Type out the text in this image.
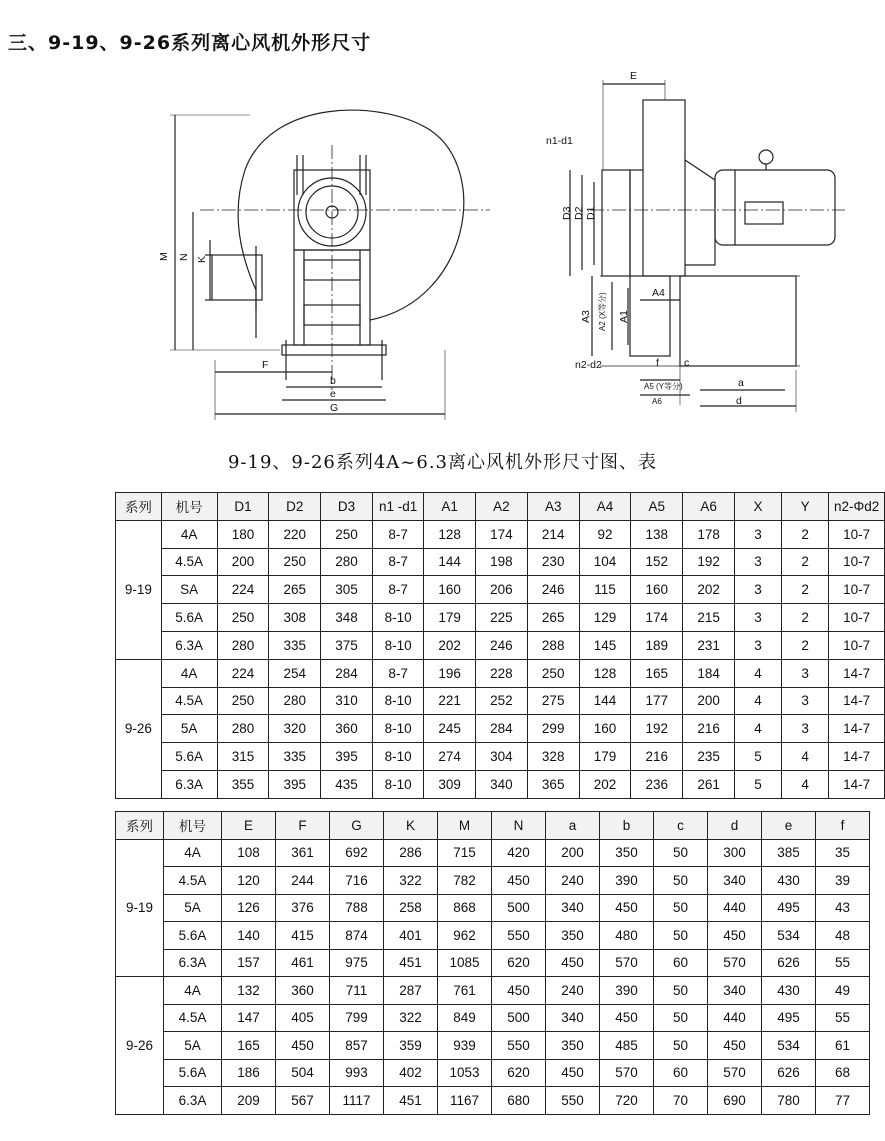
三、9-19、9-26系列离心风机外形尺寸
M N K
F
b
e
G
E
n1-d1
D3 D2 D1
A4
A3 A1
A2 (X等分)
n2-d2	f c
A5 (Y等分)
A6
a
d
9-19、9-26系列4A~6.3离心风机外形尺寸图、表
系列	机号	D1	D2	D3	n1 -d1	A1	A2	A3	A4	A5	A6	X	Y	n2-Φd2
9-19	4A	180	220	250	8-7	128	174	214	92	138	178	3	2	10-7
	4.5A	200	250	280	8-7	144	198	230	104	152	192	3	2	10-7
	SA	224	265	305	8-7	160	206	246	115	160	202	3	2	10-7
	5.6A	250	308	348	8-10	179	225	265	129	174	215	3	2	10-7
	6.3A	280	335	375	8-10	202	246	288	145	189	231	3	2	10-7
9-26	4A	224	254	284	8-7	196	228	250	128	165	184	4	3	14-7
	4.5A	250	280	310	8-10	221	252	275	144	177	200	4	3	14-7
	5A	280	320	360	8-10	245	284	299	160	192	216	4	3	14-7
	5.6A	315	335	395	8-10	274	304	328	179	216	235	5	4	14-7
	6.3A	355	395	435	8-10	309	340	365	202	236	261	5	4	14-7
系列	机号	E	F	G	K	M	N	a	b	c	d	e	f
9-19	4A	108	361	692	286	715	420	200	350	50	300	385	35
	4.5A	120	244	716	322	782	450	240	390	50	340	430	39
	5A	126	376	788	258	868	500	340	450	50	440	495	43
	5.6A	140	415	874	401	962	550	350	480	50	450	534	48
	6.3A	157	461	975	451	1085	620	450	570	60	570	626	55
9-26	4A	132	360	711	287	761	450	240	390	50	340	430	49
	4.5A	147	405	799	322	849	500	340	450	50	440	495	55
	5A	165	450	857	359	939	550	350	485	50	450	534	61
	5.6A	186	504	993	402	1053	620	450	570	60	570	626	68
	6.3A	209	567	1117	451	1167	680	550	720	70	690	780	77
